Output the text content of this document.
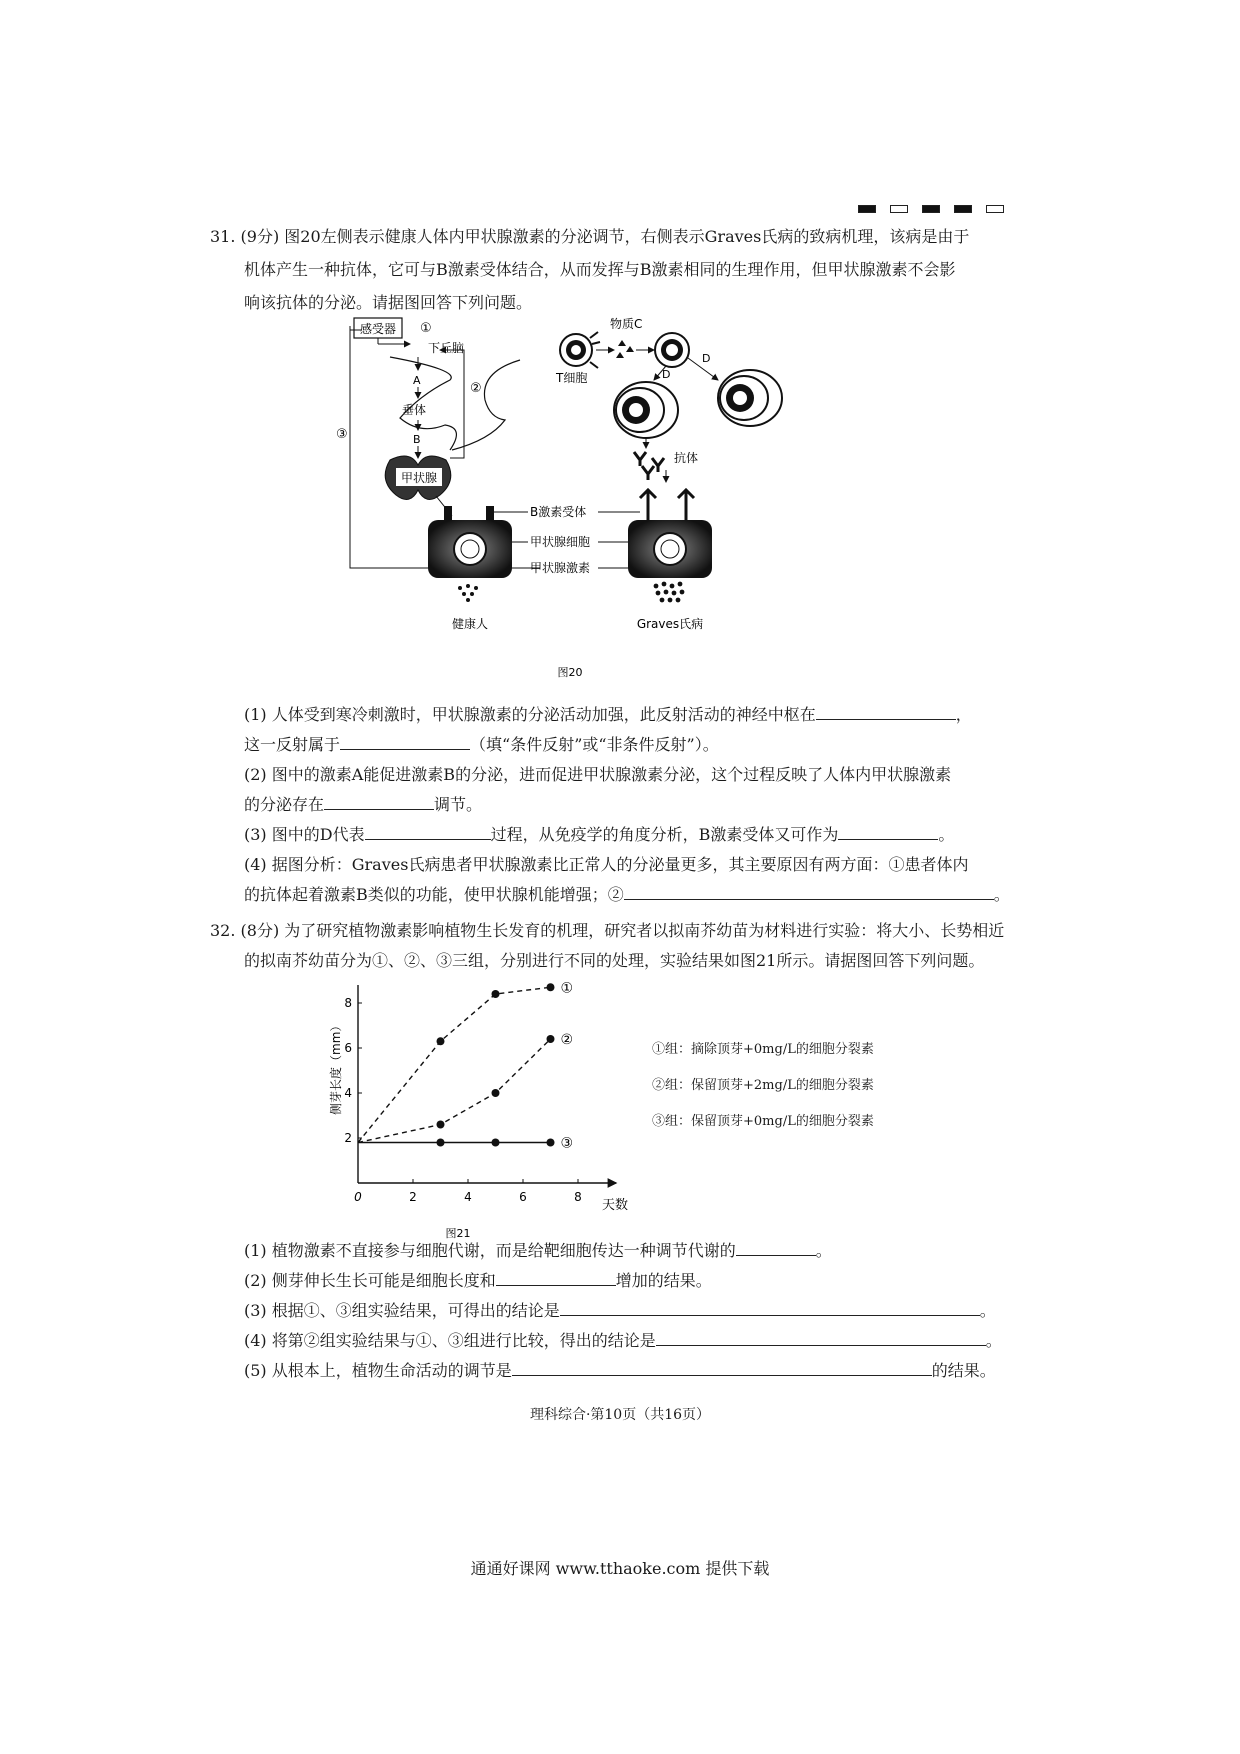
31. (9分) 图20左侧表示健康人体内甲状腺激素的分泌调节，右侧表示Graves氏病的致病机理，该病是由于
机体产生一种抗体，它可与B激素受体结合，从而发挥与B激素相同的生理作用，但甲状腺激素不会影
响该抗体的分泌。请据图回答下列问题。
感受器 ①
下丘脑
A
垂体
B
③
②
甲状腺
健康人
B激素受体
甲状腺细胞
甲状腺激素
Graves氏病
T细胞
物质C
D
D
抗体
图20
(1) 人体受到寒冷刺激时，甲状腺激素的分泌活动加强，此反射活动的神经中枢在	，
这一反射属于	（填“条件反射”或“非条件反射”）。
(2) 图中的激素A能促进激素B的分泌，进而促进甲状腺激素分泌，这个过程反映了人体内甲状腺激素
的分泌存在	调节。
(3) 图中的D代表	过程，从免疫学的角度分析，B激素受体又可作为	。
(4) 据图分析：Graves氏病患者甲状腺激素比正常人的分泌量更多，其主要原因有两方面：①患者体内
的抗体起着激素B类似的功能，使甲状腺机能增强；②	。
32. (8分) 为了研究植物激素影响植物生长发育的机理，研究者以拟南芥幼苗为材料进行实验：将大小、长势相近
的拟南芥幼苗分为①、②、③三组，分别进行不同的处理，实验结果如图21所示。请据图回答下列问题。
天数
侧芽长度（mm）
图21
0	2	4	6	8
2
4
6
8
①
②
③
①组：摘除顶芽+0mg/L的细胞分裂素
②组：保留顶芽+2mg/L的细胞分裂素
③组：保留顶芽+0mg/L的细胞分裂素
(1) 植物激素不直接参与细胞代谢，而是给靶细胞传达一种调节代谢的	。
(2) 侧芽伸长生长可能是细胞长度和	增加的结果。
(3) 根据①、③组实验结果，可得出的结论是	。
(4) 将第②组实验结果与①、③组进行比较，得出的结论是	。
(5) 从根本上，植物生命活动的调节是	的结果。
理科综合·第10页（共16页）
通通好课网 www.tthaoke.com 提供下载
